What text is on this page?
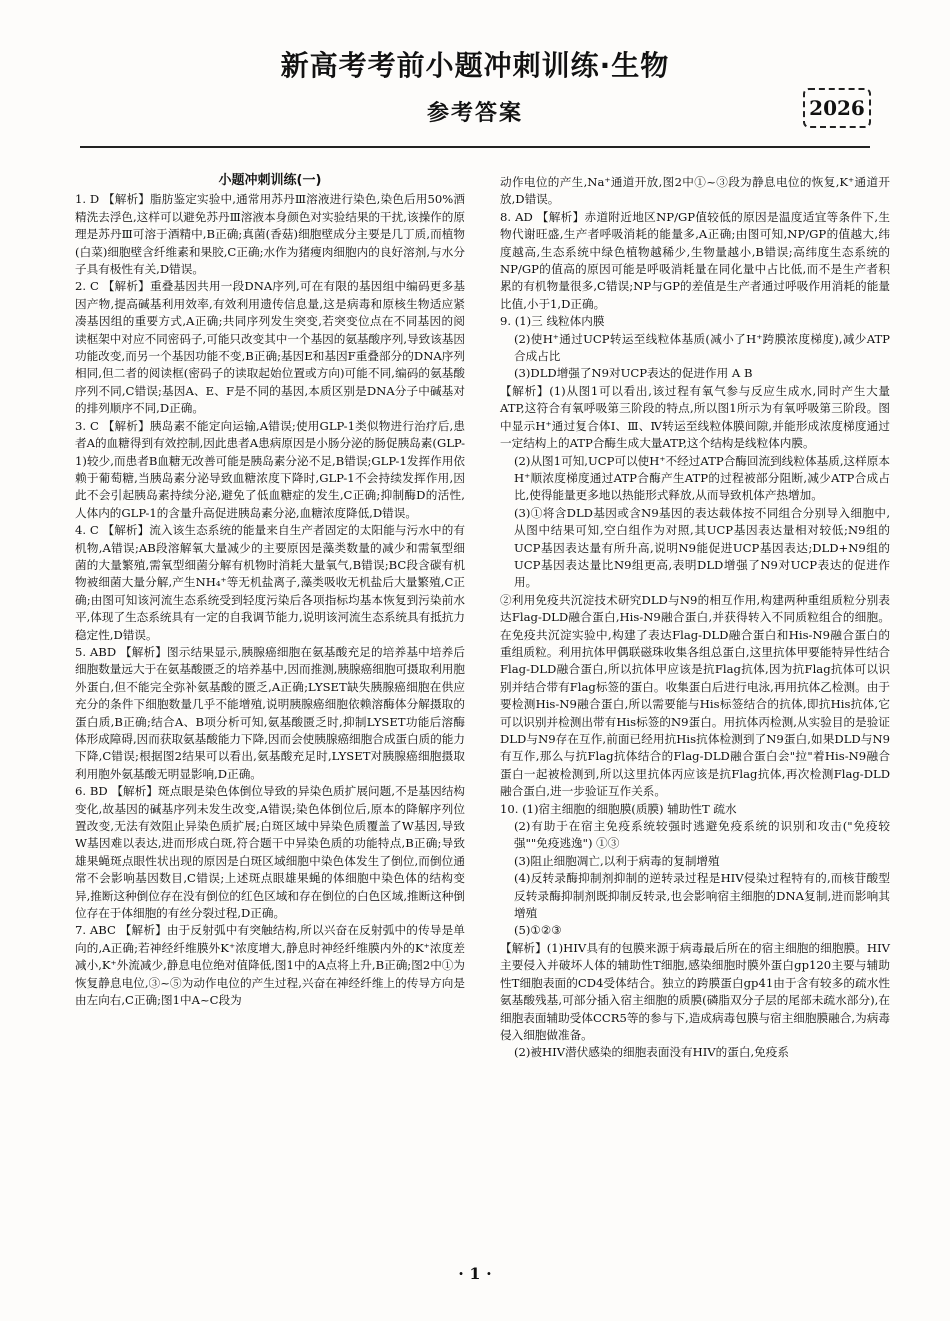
新高考考前小题冲刺训练·生物
参考答案	2026
小题冲刺训练(一)

1. D 【解析】脂肪鉴定实验中,通常用苏丹Ⅲ溶液进行染色,染色后用50%酒精洗去浮色,这样可以避免苏丹Ⅲ溶液本身颜色对实验结果的干扰,该操作的原理是苏丹Ⅲ可溶于酒精中,B正确;真菌(香菇)细胞壁成分主要是几丁质,而植物(白菜)细胞壁含纤维素和果胶,C正确;水作为猪瘦肉细胞内的良好溶剂,与水分子具有极性有关,D错误。

2. C 【解析】重叠基因共用一段DNA序列,可在有限的基因组中编码更多基因产物,提高碱基利用效率,有效利用遗传信息量,这是病毒和原核生物适应紧凑基因组的重要方式,A正确;共同序列发生突变,若突变位点在不同基因的阅读框架中对应不同密码子,可能只改变其中一个基因的氨基酸序列,导致该基因功能改变,而另一个基因功能不变,B正确;基因E和基因F重叠部分的DNA序列相同,但二者的阅读框(密码子的读取起始位置或方向)可能不同,编码的氨基酸序列不同,C错误;基因A、E、F是不同的基因,本质区别是DNA分子中碱基对的排列顺序不同,D正确。

3. C 【解析】胰岛素不能定向运输,A错误;使用GLP-1类似物进行治疗后,患者A的血糖得到有效控制,因此患者A患病原因是小肠分泌的肠促胰岛素(GLP-1)较少,而患者B血糖无改善可能是胰岛素分泌不足,B错误;GLP-1发挥作用依赖于葡萄糖,当胰岛素分泌导致血糖浓度下降时,GLP-1不会持续发挥作用,因此不会引起胰岛素持续分泌,避免了低血糖症的发生,C正确;抑制酶D的活性,人体内的GLP-1的含量升高促进胰岛素分泌,血糖浓度降低,D错误。

4. C 【解析】流入该生态系统的能量来自生产者固定的太阳能与污水中的有机物,A错误;AB段溶解氧大量减少的主要原因是藻类数量的减少和需氧型细菌的大量繁殖,需氧型细菌分解有机物时消耗大量氧气,B错误;BC段含碳有机物被细菌大量分解,产生NH₄⁺等无机盐离子,藻类吸收无机盐后大量繁殖,C正确;由图可知该河流生态系统受到轻度污染后各项指标均基本恢复到污染前水平,体现了生态系统具有一定的自我调节能力,说明该河流生态系统具有抵抗力稳定性,D错误。

5. ABD 【解析】图示结果显示,胰腺癌细胞在氨基酸充足的培养基中培养后细胞数量远大于在氨基酸匮乏的培养基中,因而推测,胰腺癌细胞可摄取利用胞外蛋白,但不能完全弥补氨基酸的匮乏,A正确;LYSET缺失胰腺癌细胞在供应充分的条件下细胞数量几乎不能增殖,说明胰腺癌细胞依赖溶酶体分解摄取的蛋白质,B正确;结合A、B项分析可知,氨基酸匮乏时,抑制LYSET功能后溶酶体形成障碍,因而获取氨基酸能力下降,因而会使胰腺癌细胞合成蛋白质的能力下降,C错误;根据图2结果可以看出,氨基酸充足时,LYSET对胰腺癌细胞摄取利用胞外氨基酸无明显影响,D正确。

6. BD 【解析】斑点眼是染色体倒位导致的异染色质扩展问题,不是基因结构变化,故基因的碱基序列未发生改变,A错误;染色体倒位后,原本的降解序列位置改变,无法有效阻止异染色质扩展;白斑区域中异染色质覆盖了W基因,导致W基因难以表达,进而形成白斑,符合题干中异染色质的功能特点,B正确;导致雄果蝇斑点眼性状出现的原因是白斑区域细胞中染色体发生了倒位,而倒位通常不会影响基因数目,C错误;上述斑点眼雄果蝇的体细胞中染色体的结构变异,推断这种倒位存在没有倒位的红色区域和存在倒位的白色区域,推断这种倒位存在于体细胞的有丝分裂过程,D正确。

7. ABC 【解析】由于反射弧中有突触结构,所以兴奋在反射弧中的传导是单向的,A正确;若神经纤维膜外K⁺浓度增大,静息时神经纤维膜内外的K⁺浓度差减小,K⁺外流减少,静息电位绝对值降低,图1中的A点将上升,B正确;图2中①为恢复静息电位,③~⑤为动作电位的产生过程,兴奋在神经纤维上的传导方向是由左向右,C正确;图1中A~C段为

动作电位的产生,Na⁺通道开放,图2中①~③段为静息电位的恢复,K⁺通道开放,D错误。

8. AD 【解析】赤道附近地区NP/GP值较低的原因是温度适宜等条件下,生物代谢旺盛,生产者呼吸消耗的能量多,A正确;由图可知,NP/GP的值越大,纬度越高,生态系统中绿色植物越稀少,生物量越小,B错误;高纬度生态系统的NP/GP的值高的原因可能是呼吸消耗量在同化量中占比低,而不是生产者积累的有机物量很多,C错误;NP与GP的差值是生产者通过呼吸作用消耗的能量比值,小于1,D正确。

9. (1)三 线粒体内膜

(2)使H⁺通过UCP转运至线粒体基质(减小了H⁺跨膜浓度梯度),减少ATP合成占比

(3)DLD增强了N9对UCP表达的促进作用 A B

【解析】(1)从图1可以看出,该过程有氧气参与反应生成水,同时产生大量ATP,这符合有氧呼吸第三阶段的特点,所以图1所示为有氧呼吸第三阶段。图中显示H⁺通过复合体Ⅰ、Ⅲ、Ⅳ转运至线粒体膜间隙,并能形成浓度梯度通过一定结构上的ATP合酶生成大量ATP,这个结构是线粒体内膜。

(2)从图1可知,UCP可以使H⁺不经过ATP合酶回流到线粒体基质,这样原本H⁺顺浓度梯度通过ATP合酶产生ATP的过程被部分阻断,减少ATP合成占比,使得能量更多地以热能形式释放,从而导致机体产热增加。

(3)①将含DLD基因或含N9基因的表达载体按不同组合分别导入细胞中,从图中结果可知,空白组作为对照,其UCP基因表达量相对较低;N9组的UCP基因表达量有所升高,说明N9能促进UCP基因表达;DLD+N9组的UCP基因表达量比N9组更高,表明DLD增强了N9对UCP表达的促进作用。

②利用免疫共沉淀技术研究DLD与N9的相互作用,构建两种重组质粒分别表达Flag-DLD融合蛋白,His-N9融合蛋白,并获得转入不同质粒组合的细胞。在免疫共沉淀实验中,构建了表达Flag-DLD融合蛋白和His-N9融合蛋白的重组质粒。利用抗体甲偶联磁珠收集各组总蛋白,这里抗体甲要能特异性结合Flag-DLD融合蛋白,所以抗体甲应该是抗Flag抗体,因为抗Flag抗体可以识别并结合带有Flag标签的蛋白。收集蛋白后进行电泳,再用抗体乙检测。由于要检测His-N9融合蛋白,所以需要能与His标签结合的抗体,即抗His抗体,它可以识别并检测出带有His标签的N9蛋白。用抗体丙检测,从实验目的是验证DLD与N9存在互作,前面已经用抗His抗体检测到了N9蛋白,如果DLD与N9有互作,那么与抗Flag抗体结合的Flag-DLD融合蛋白会"拉"着His-N9融合蛋白一起被检测到,所以这里抗体丙应该是抗Flag抗体,再次检测Flag-DLD融合蛋白,进一步验证互作关系。

10. (1)宿主细胞的细胞膜(质膜) 辅助性T 疏水

(2)有助于在宿主免疫系统较强时逃避免疫系统的识别和攻击("免疫较强""免疫逃逸") ①③

(3)阻止细胞凋亡,以利于病毒的复制增殖

(4)反转录酶抑制剂抑制的逆转录过程是HIV侵染过程特有的,而核苷酸型反转录酶抑制剂既抑制反转录,也会影响宿主细胞的DNA复制,进而影响其增殖

(5)①②③

【解析】(1)HIV具有的包膜来源于病毒最后所在的宿主细胞的细胞膜。HIV主要侵入并破坏人体的辅助性T细胞,感染细胞时膜外蛋白gp120主要与辅助性T细胞表面的CD4受体结合。独立的跨膜蛋白gp41由于含有较多的疏水性氨基酸残基,可部分插入宿主细胞的质膜(磷脂双分子层的尾部未疏水部分),在细胞表面辅助受体CCR5等的参与下,造成病毒包膜与宿主细胞膜融合,为病毒侵入细胞做准备。

(2)被HIV潜伏感染的细胞表面没有HIV的蛋白,免疫系

· 1 ·
